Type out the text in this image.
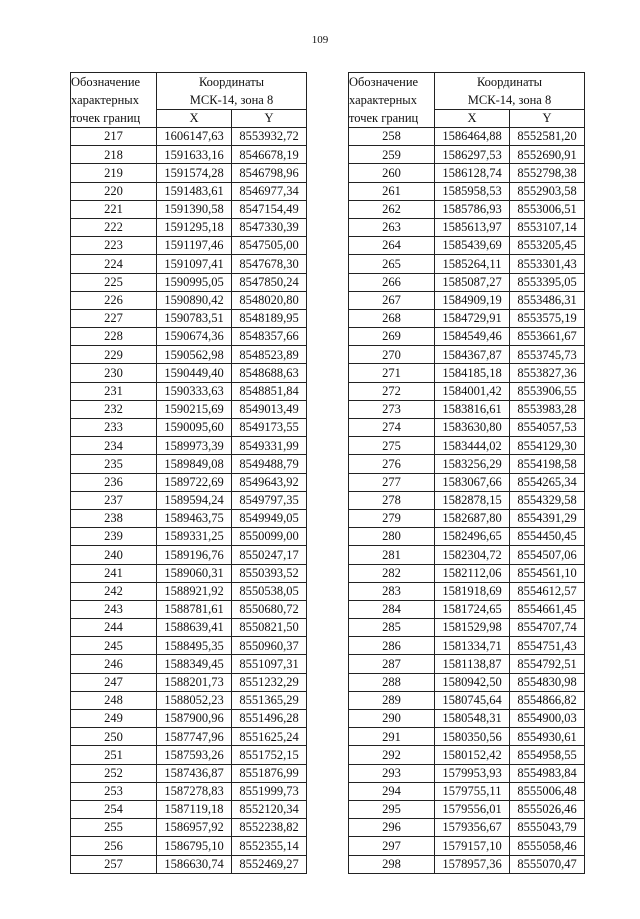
109
Обозначение
характерных
точек границ	Координаты
МСК-14, зона 8	
	X	Y
217	1606147,63	8553932,72
218	1591633,16	8546678,19
219	1591574,28	8546798,96
220	1591483,61	8546977,34
221	1591390,58	8547154,49
222	1591295,18	8547330,39
223	1591197,46	8547505,00
224	1591097,41	8547678,30
225	1590995,05	8547850,24
226	1590890,42	8548020,80
227	1590783,51	8548189,95
228	1590674,36	8548357,66
229	1590562,98	8548523,89
230	1590449,40	8548688,63
231	1590333,63	8548851,84
232	1590215,69	8549013,49
233	1590095,60	8549173,55
234	1589973,39	8549331,99
235	1589849,08	8549488,79
236	1589722,69	8549643,92
237	1589594,24	8549797,35
238	1589463,75	8549949,05
239	1589331,25	8550099,00
240	1589196,76	8550247,17
241	1589060,31	8550393,52
242	1588921,92	8550538,05
243	1588781,61	8550680,72
244	1588639,41	8550821,50
245	1588495,35	8550960,37
246	1588349,45	8551097,31
247	1588201,73	8551232,29
248	1588052,23	8551365,29
249	1587900,96	8551496,28
250	1587747,96	8551625,24
251	1587593,26	8551752,15
252	1587436,87	8551876,99
253	1587278,83	8551999,73
254	1587119,18	8552120,34
255	1586957,92	8552238,82
256	1586795,10	8552355,14
257	1586630,74	8552469,27
Обозначение
характерных
точек границ	Координаты
МСК-14, зона 8	
	X	Y
258	1586464,88	8552581,20
259	1586297,53	8552690,91
260	1586128,74	8552798,38
261	1585958,53	8552903,58
262	1585786,93	8553006,51
263	1585613,97	8553107,14
264	1585439,69	8553205,45
265	1585264,11	8553301,43
266	1585087,27	8553395,05
267	1584909,19	8553486,31
268	1584729,91	8553575,19
269	1584549,46	8553661,67
270	1584367,87	8553745,73
271	1584185,18	8553827,36
272	1584001,42	8553906,55
273	1583816,61	8553983,28
274	1583630,80	8554057,53
275	1583444,02	8554129,30
276	1583256,29	8554198,58
277	1583067,66	8554265,34
278	1582878,15	8554329,58
279	1582687,80	8554391,29
280	1582496,65	8554450,45
281	1582304,72	8554507,06
282	1582112,06	8554561,10
283	1581918,69	8554612,57
284	1581724,65	8554661,45
285	1581529,98	8554707,74
286	1581334,71	8554751,43
287	1581138,87	8554792,51
288	1580942,50	8554830,98
289	1580745,64	8554866,82
290	1580548,31	8554900,03
291	1580350,56	8554930,61
292	1580152,42	8554958,55
293	1579953,93	8554983,84
294	1579755,11	8555006,48
295	1579556,01	8555026,46
296	1579356,67	8555043,79
297	1579157,10	8555058,46
298	1578957,36	8555070,47
